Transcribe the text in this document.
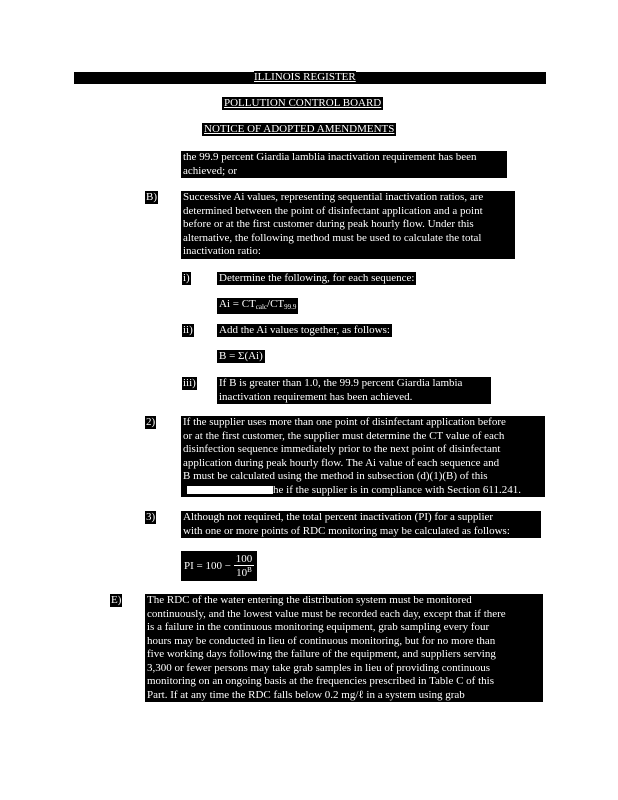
ILLINOIS REGISTER
POLLUTION CONTROL BOARD
NOTICE OF ADOPTED AMENDMENTS
the 99.9 percent Giardia lamblia inactivation requirement has been
achieved; or
B) Successive Ai values, representing sequential inactivation ratios, are
determined between the point of disinfectant application and a point
before or at the first customer during peak hourly flow. Under this
alternative, the following method must be used to calculate the total
inactivation ratio:
i)	Determine the following, for each sequence:
$Ai = CT_{calc}/CT_{99.9}$
ii) Add the Ai values together, as follows:
B = Σ(Ai)
iii) If B is greater than 1.0, the 99.9 percent Giardia lambia
inactivation requirement has been achieved.
2)	If the supplier uses more than one point of disinfectant application before
or at the first customer, the supplier must determine the CT value of each
disinfection sequence immediately prior to the next point of disinfectant
application during peak hourly flow. The Ai value of each sequence and
B must be calculated using the method in subsection (d)(1)(B) of this
he if the supplier is in compliance with Section 611.241.
3)	Although not required, the total percent inactivation (PI) for a supplier
with one or more points of RDC monitoring may be calculated as follows:
PI = $100 - \frac{100}{10^B}$
E) The RDC of the water entering the distribution system must be monitored
continuously, and the lowest value must be recorded each day, except that if there
is a failure in the continuous monitoring equipment, grab sampling every four
hours may be conducted in lieu of continuous monitoring, but for no more than
five working days following the failure of the equipment, and suppliers serving
3,300 or fewer persons may take grab samples in lieu of providing continuous
monitoring on an ongoing basis at the frequencies prescribed in Table C of this
Part. If at any time the RDC falls below 0.2 mg/ℓ in a system using grab
